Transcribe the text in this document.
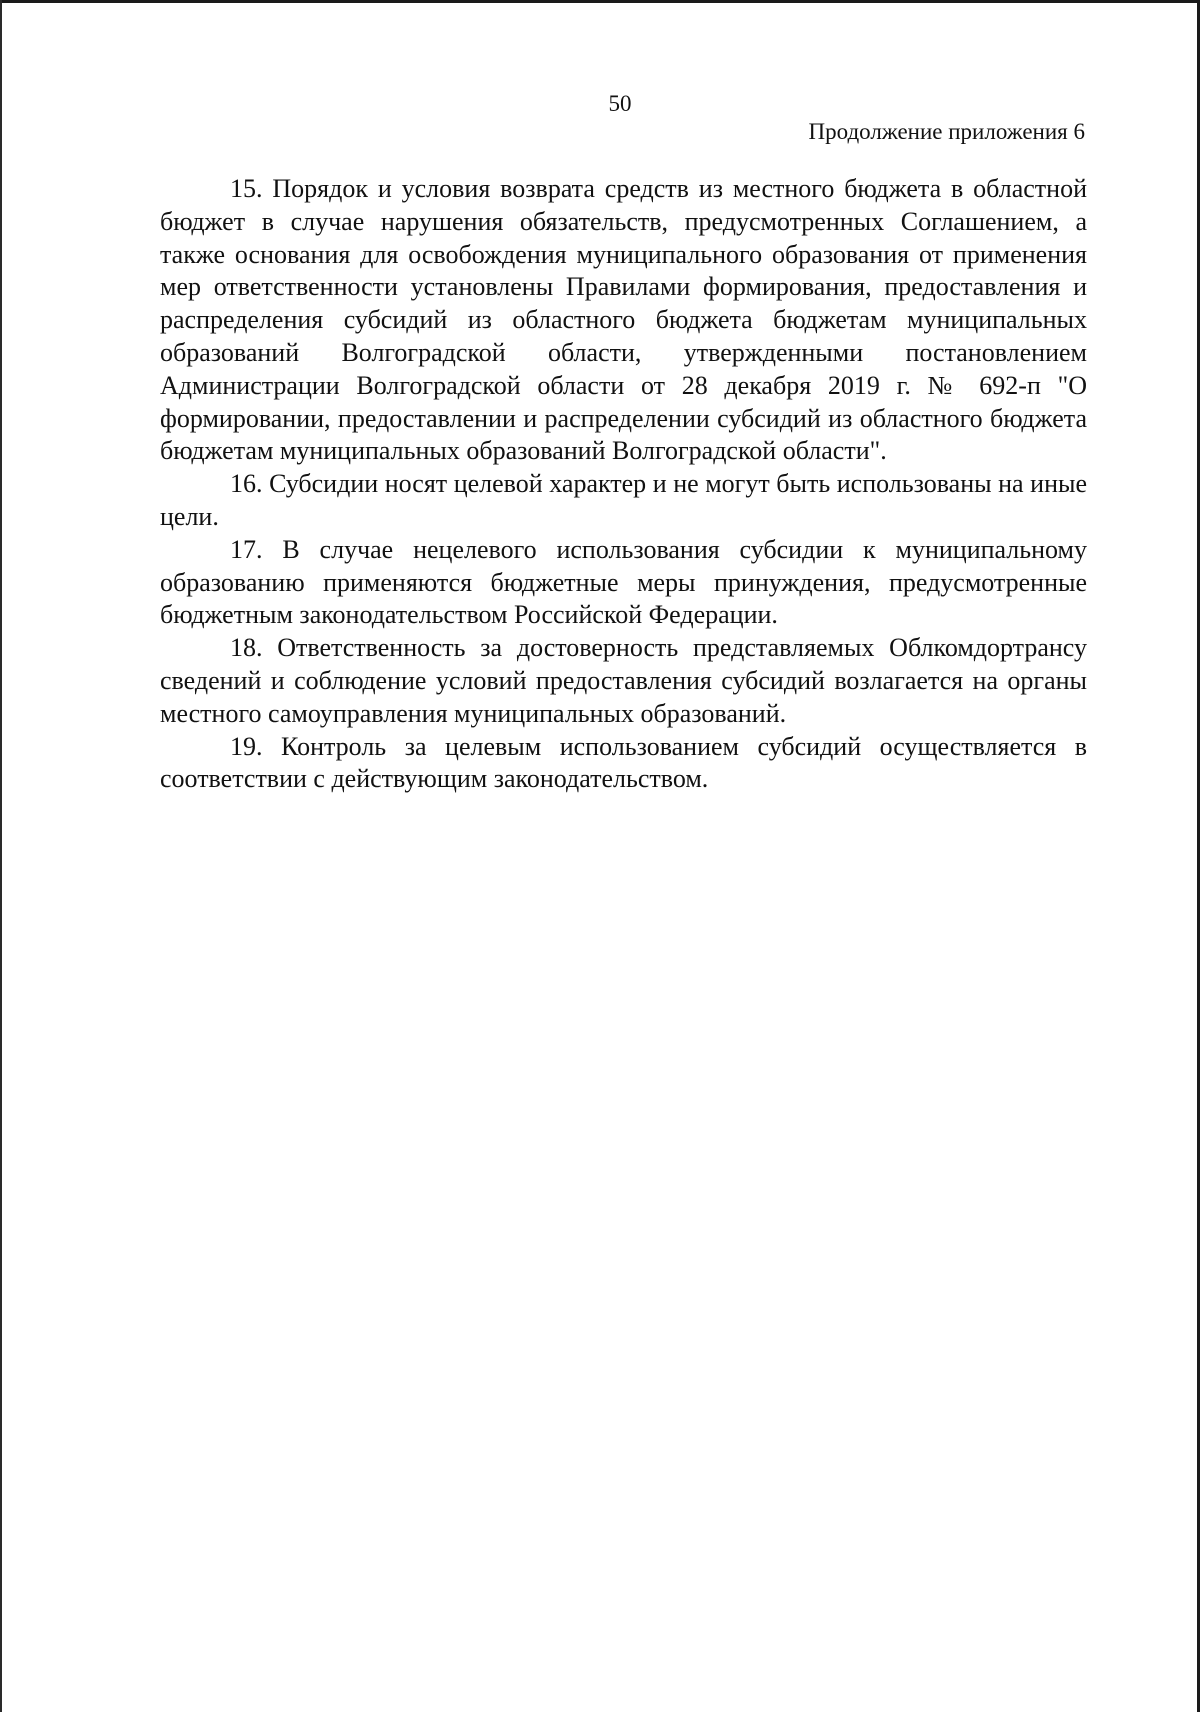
50
Продолжение приложения 6

15. Порядок и условия возврата средств из местного бюджета в областной бюджет в случае нарушения обязательств, предусмотренных Соглашением, а также основания для освобождения муниципального образования от применения мер ответственности установлены Правилами формирования, предоставления и распределения субсидий из областного бюджета бюджетам муниципальных образований Волгоградской области, утвержденными постановлением Администрации Волгоградской области от 28 декабря 2019 г. № 692-п "О формировании, предоставлении и распределении субсидий из областного бюджета бюджетам муниципальных образований Волгоградской области".

16. Субсидии носят целевой характер и не могут быть использованы на иные цели.

17. В случае нецелевого использования субсидии к муниципальному образованию применяются бюджетные меры принуждения, предусмотренные бюджетным законодательством Российской Федерации.

18. Ответственность за достоверность представляемых Облкомдортрансу сведений и соблюдение условий предоставления субсидий возлагается на органы местного самоуправления муниципальных образований.

19. Контроль за целевым использованием субсидий осуществляется в соответствии с действующим законодательством.
